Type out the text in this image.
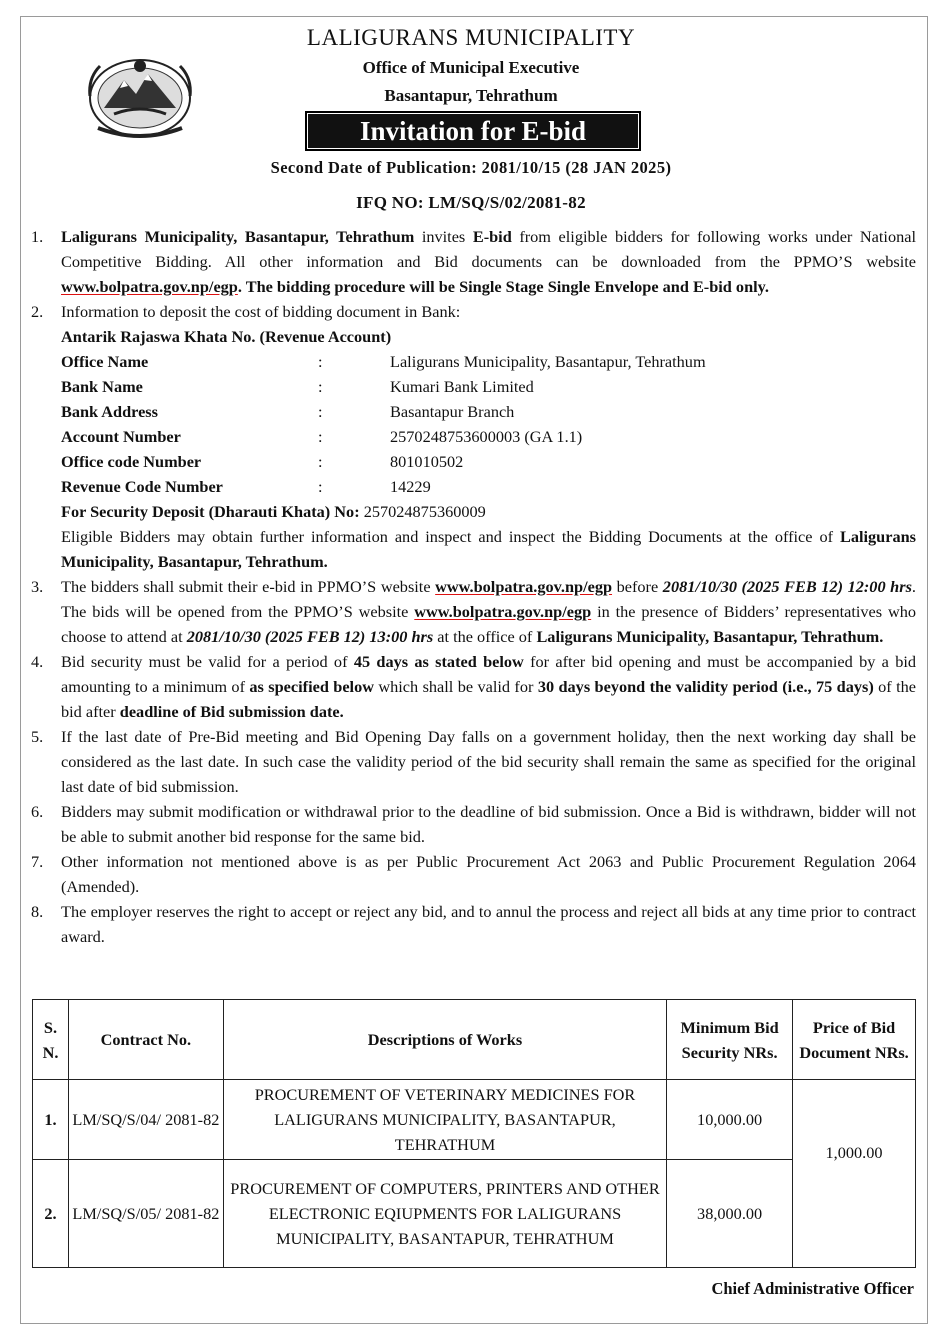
LALIGURANS MUNICIPALITY
Office of Municipal Executive
Basantapur, Tehrathum
Invitation for E-bid
Second Date of Publication: 2081/10/15 (28 JAN 2025)
IFQ NO: LM/SQ/S/02/2081-82
1. Laligurans Municipality, Basantapur, Tehrathum invites E-bid from eligible bidders for following works under National Competitive Bidding. All other information and Bid documents can be downloaded from the PPMO’S website www.bolpatra.gov.np/egp. The bidding procedure will be Single Stage Single Envelope and E-bid only.
2. Information to deposit the cost of bidding document in Bank:
Antarik Rajaswa Khata No. (Revenue Account)
Office Name	:	Laligurans Municipality, Basantapur, Tehrathum
Bank Name	:	Kumari Bank Limited
Bank Address	:	Basantapur Branch
Account Number	:	2570248753600003 (GA 1.1)
Office code Number	:	801010502
Revenue Code Number	:	14229
For Security Deposit (Dharauti Khata) No: 257024875360009
Eligible Bidders may obtain further information and inspect and inspect the Bidding Documents at the office of Laligurans Municipality, Basantapur, Tehrathum.
3. The bidders shall submit their e-bid in PPMO’S website www.bolpatra.gov.np/egp before 2081/10/30 (2025 FEB 12) 12:00 hrs. The bids will be opened from the PPMO’S website www.bolpatra.gov.np/egp in the presence of Bidders’ representatives who choose to attend at 2081/10/30 (2025 FEB 12) 13:00 hrs at the office of Laligurans Municipality, Basantapur, Tehrathum.
4. Bid security must be valid for a period of 45 days as stated below for after bid opening and must be accompanied by a bid amounting to a minimum of as specified below which shall be valid for 30 days beyond the validity period (i.e., 75 days) of the bid after deadline of Bid submission date.
5. If the last date of Pre-Bid meeting and Bid Opening Day falls on a government holiday, then the next working day shall be considered as the last date. In such case the validity period of the bid security shall remain the same as specified for the original last date of bid submission.
6. Bidders may submit modification or withdrawal prior to the deadline of bid submission. Once a Bid is withdrawn, bidder will not be able to submit another bid response for the same bid.
7. Other information not mentioned above is as per Public Procurement Act 2063 and Public Procurement Regulation 2064 (Amended).
8. The employer reserves the right to accept or reject any bid, and to annul the process and reject all bids at any time prior to contract award.
S. N.	Contract No.	Descriptions of Works	Minimum Bid Security NRs.	Price of Bid Document NRs.
1.	LM/SQ/S/04/ 2081-82	PROCUREMENT OF VETERINARY MEDICINES FOR LALIGURANS MUNICIPALITY, BASANTAPUR, TEHRATHUM	10,000.00	1,000.00
2.	LM/SQ/S/05/ 2081-82	PROCUREMENT OF COMPUTERS, PRINTERS AND OTHER ELECTRONIC EQIUPMENTS FOR LALIGURANS MUNICIPALITY, BASANTAPUR, TEHRATHUM	38,000.00	
Chief Administrative Officer
